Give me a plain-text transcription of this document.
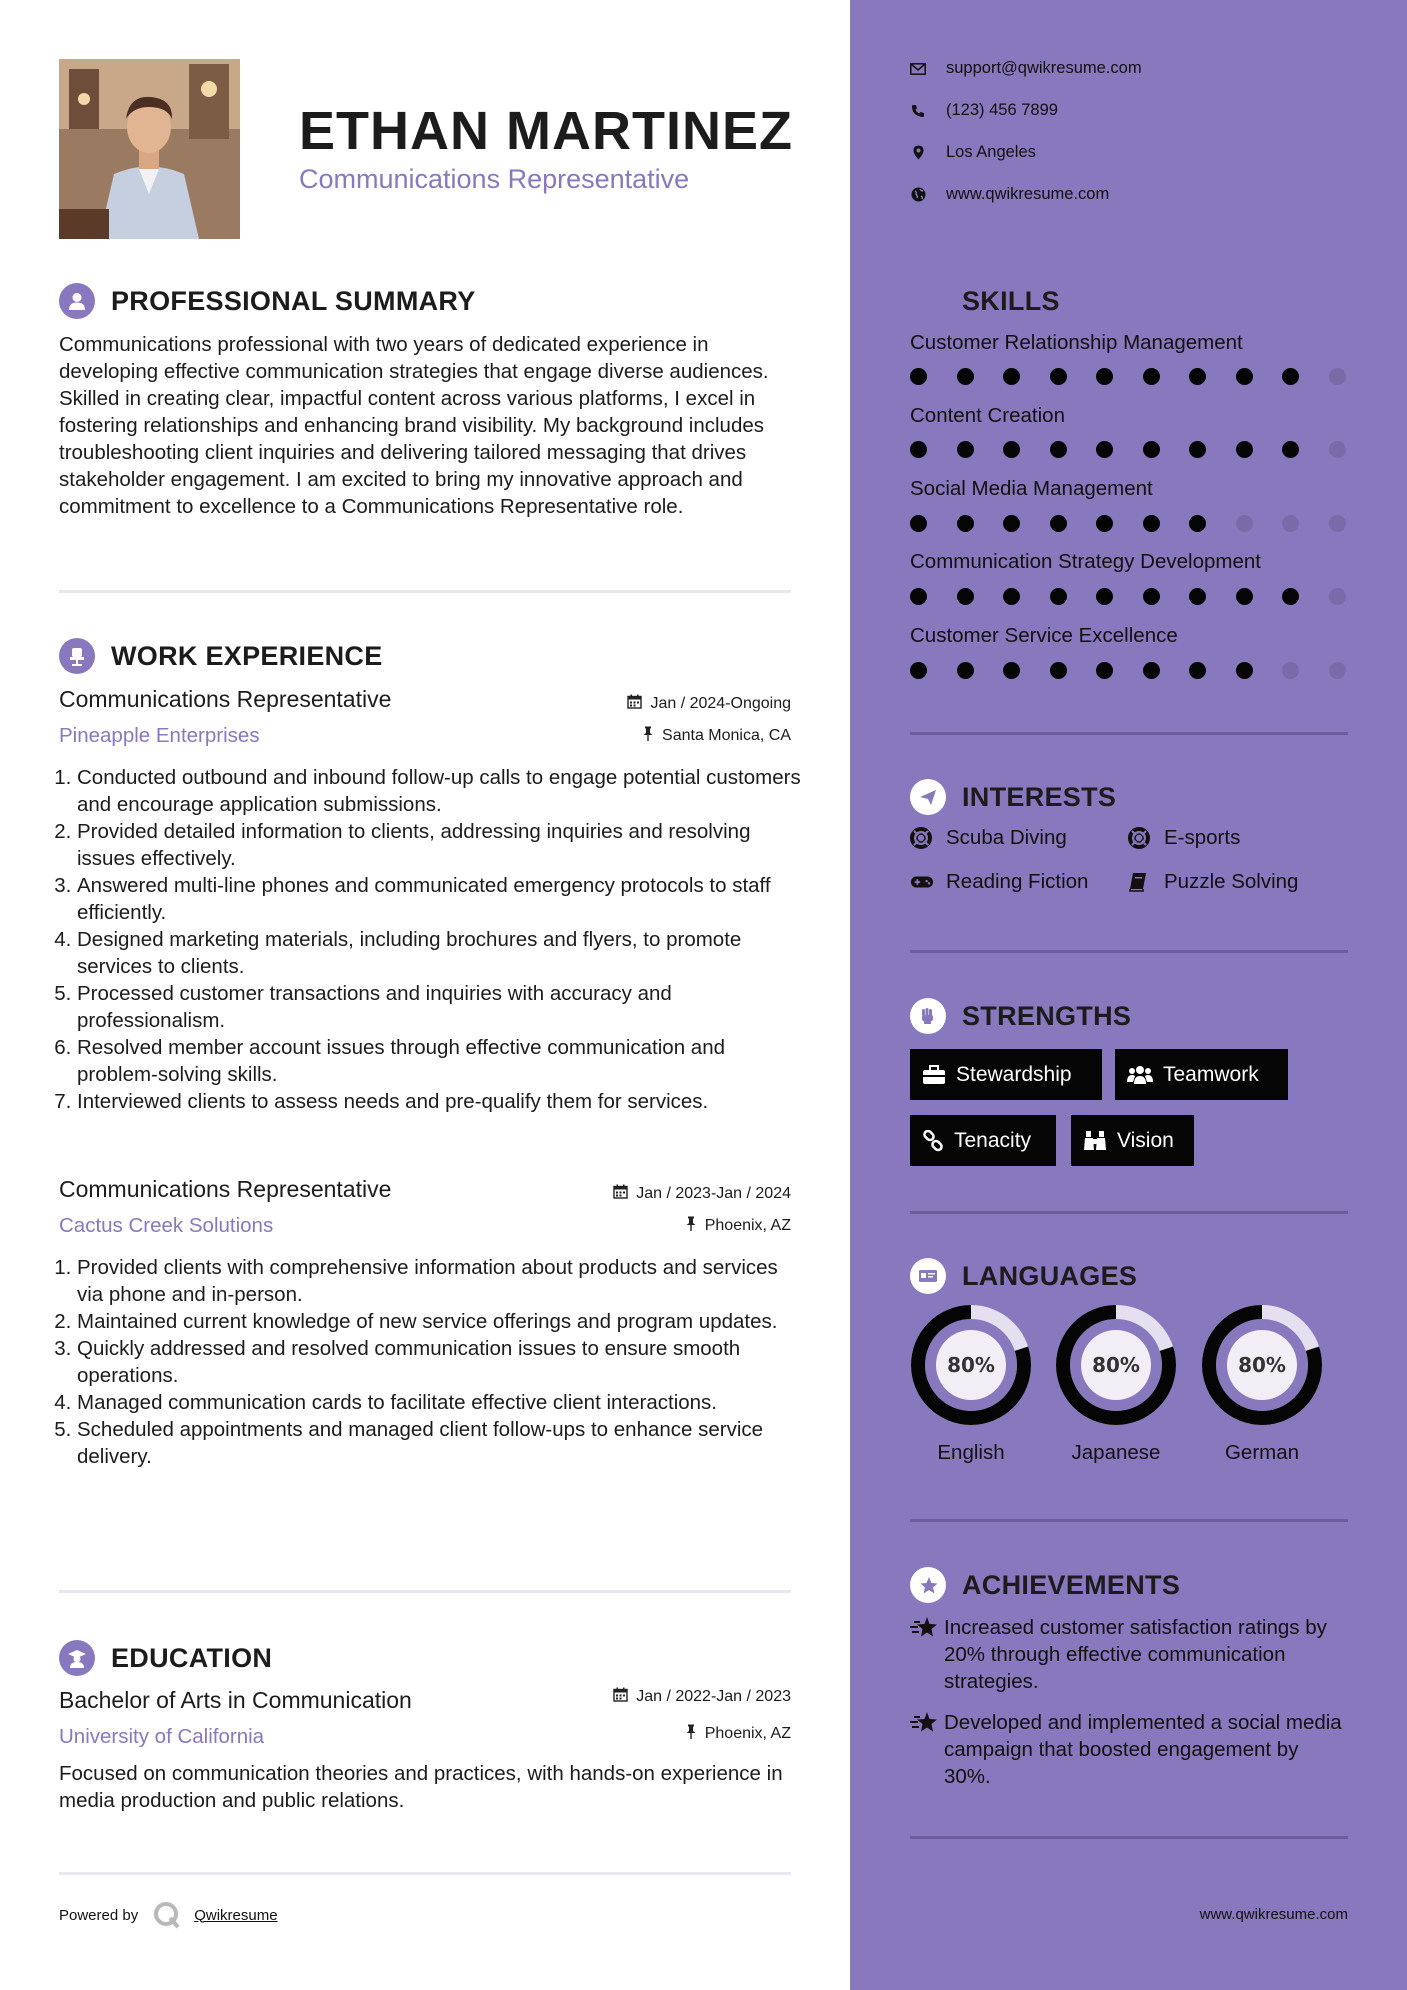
ETHAN MARTINEZ
Communications Representative
PROFESSIONAL SUMMARY
Communications professional with two years of dedicated experience in developing effective communication strategies that engage diverse audiences. Skilled in creating clear, impactful content across various platforms, I excel in fostering relationships and enhancing brand visibility. My background includes troubleshooting client inquiries and delivering tailored messaging that drives stakeholder engagement. I am excited to bring my innovative approach and commitment to excellence to a Communications Representative role.
WORK EXPERIENCE
Communications Representative	Jan / 2024-Ongoing
Pineapple Enterprises	Santa Monica, CA
1. Conducted outbound and inbound follow-up calls to engage potential customers and encourage application submissions.
2. Provided detailed information to clients, addressing inquiries and resolving issues effectively.
3. Answered multi-line phones and communicated emergency protocols to staff efficiently.
4. Designed marketing materials, including brochures and flyers, to promote services to clients.
5. Processed customer transactions and inquiries with accuracy and professionalism.
6. Resolved member account issues through effective communication and problem-solving skills.
7. Interviewed clients to assess needs and pre-qualify them for services.
Communications Representative	Jan / 2023-Jan / 2024
Cactus Creek Solutions	Phoenix, AZ
1. Provided clients with comprehensive information about products and services via phone and in-person.
2. Maintained current knowledge of new service offerings and program updates.
3. Quickly addressed and resolved communication issues to ensure smooth operations.
4. Managed communication cards to facilitate effective client interactions.
5. Scheduled appointments and managed client follow-ups to enhance service delivery.
EDUCATION
Bachelor of Arts in Communication	Jan / 2022-Jan / 2023
University of California	Phoenix, AZ
Focused on communication theories and practices, with hands-on experience in media production and public relations.
Powered by	Qwikresume
support@qwikresume.com
(123) 456 7899
Los Angeles
www.qwikresume.com
SKILLS
Customer Relationship Management
Content Creation
Social Media Management
Communication Strategy Development
Customer Service Excellence
INTERESTS
Scuba Diving	E-sports
Reading Fiction	Puzzle Solving
STRENGTHS
Stewardship	Teamwork
Tenacity	Vision
LANGUAGES
80%	80%	80%
English	Japanese	German
ACHIEVEMENTS
Increased customer satisfaction ratings by 20% through effective communication strategies.
Developed and implemented a social media campaign that boosted engagement by 30%.
www.qwikresume.com
